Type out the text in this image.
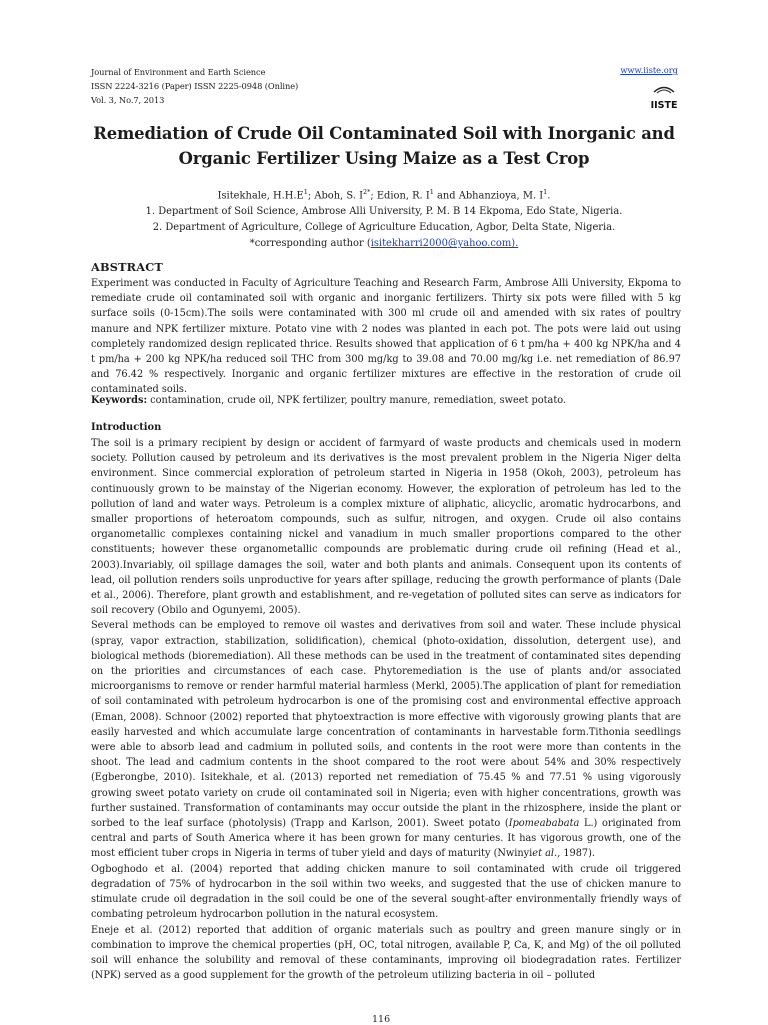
Journal of Environment and Earth Science
ISSN 2224-3216 (Paper) ISSN 2225-0948 (Online)
Vol. 3, No.7, 2013
www.iiste.org
IISTE
Remediation of Crude Oil Contaminated Soil with Inorganic and
Organic Fertilizer Using Maize as a Test Crop
Isitekhale, $H.H.E^1$; Aboh, S. $I^{2*}$; Edion, R. $I^1$ and Abhanzioya, M. $I^1$.
1. Department of Soil Science, Ambrose Alli University, P. M. B 14 Ekpoma, Edo State, Nigeria.
2. Department of Agriculture, College of Agriculture Education, Agbor, Delta State, Nigeria.
*corresponding author (isitekharri2000@yahoo.com).
ABSTRACT

Experiment was conducted in Faculty of Agriculture Teaching and Research Farm, Ambrose Alli University, Ekpoma to remediate crude oil contaminated soil with organic and inorganic fertilizers. Thirty six pots were filled with 5 kg surface soils (0-15cm).The soils were contaminated with 300 ml crude oil and amended with six rates of poultry manure and NPK fertilizer mixture. Potato vine with 2 nodes was planted in each pot. The pots were laid out using completely randomized design replicated thrice. Results showed that application of 6 t pm/ha + 400 kg NPK/ha and 4 t pm/ha + 200 kg NPK/ha reduced soil THC from 300 mg/kg to 39.08 and 70.00 mg/kg i.e. net remediation of 86.97 and 76.42 % respectively. Inorganic and organic fertilizer mixtures are effective in the restoration of crude oil contaminated soils.

Keywords: contamination, crude oil, NPK fertilizer, poultry manure, remediation, sweet potato.

Introduction

The soil is a primary recipient by design or accident of farmyard of waste products and chemicals used in modern society. Pollution caused by petroleum and its derivatives is the most prevalent problem in the Nigeria Niger delta environment. Since commercial exploration of petroleum started in Nigeria in 1958 (Okoh, 2003), petroleum has continuously grown to be mainstay of the Nigerian economy. However, the exploration of petroleum has led to the pollution of land and water ways. Petroleum is a complex mixture of aliphatic, alicyclic, aromatic hydrocarbons, and smaller proportions of heteroatom compounds, such as sulfur, nitrogen, and oxygen. Crude oil also contains organometallic complexes containing nickel and vanadium in much smaller proportions compared to the other constituents; however these organometallic compounds are problematic during crude oil refining (Head et al., 2003).Invariably, oil spillage damages the soil, water and both plants and animals. Consequent upon its contents of lead, oil pollution renders soils unproductive for years after spillage, reducing the growth performance of plants (Dale et al., 2006). Therefore, plant growth and establishment, and re-vegetation of polluted sites can serve as indicators for soil recovery (Obilo and Ogunyemi, 2005).

Several methods can be employed to remove oil wastes and derivatives from soil and water. These include physical (spray, vapor extraction, stabilization, solidification), chemical (photo-oxidation, dissolution, detergent use), and biological methods (bioremediation). All these methods can be used in the treatment of contaminated sites depending on the priorities and circumstances of each case. Phytoremediation is the use of plants and/or associated microorganisms to remove or render harmful material harmless (Merkl, 2005).The application of plant for remediation of soil contaminated with petroleum hydrocarbon is one of the promising cost and environmental effective approach (Eman, 2008). Schnoor (2002) reported that phytoextraction is more effective with vigorously growing plants that are easily harvested and which accumulate large concentration of contaminants in harvestable form.Tithonia seedlings were able to absorb lead and cadmium in polluted soils, and contents in the root were more than contents in the shoot. The lead and cadmium contents in the shoot compared to the root were about 54% and 30% respectively (Egberongbe, 2010). Isitekhale, et al. (2013) reported net remediation of 75.45 % and 77.51 % using vigorously growing sweet potato variety on crude oil contaminated soil in Nigeria; even with higher concentrations, growth was further sustained. Transformation of contaminants may occur outside the plant in the rhizosphere, inside the plant or sorbed to the leaf surface (photolysis) (Trapp and Karlson, 2001). Sweet potato (Ipomeababata L.) originated from central and parts of South America where it has been grown for many centuries. It has vigorous growth, one of the most efficient tuber crops in Nigeria in terms of tuber yield and days of maturity (Nwinyiet al., 1987).

Ogboghodo et al. (2004) reported that adding chicken manure to soil contaminated with crude oil triggered degradation of 75% of hydrocarbon in the soil within two weeks, and suggested that the use of chicken manure to stimulate crude oil degradation in the soil could be one of the several sought-after environmentally friendly ways of combating petroleum hydrocarbon pollution in the natural ecosystem.

Eneje et al. (2012) reported that addition of organic materials such as poultry and green manure singly or in combination to improve the chemical properties (pH, OC, total nitrogen, available P, Ca, K, and Mg) of the oil polluted soil will enhance the solubility and removal of these contaminants, improving oil biodegradation rates. Fertilizer (NPK) served as a good supplement for the growth of the petroleum utilizing bacteria in oil – polluted

116
